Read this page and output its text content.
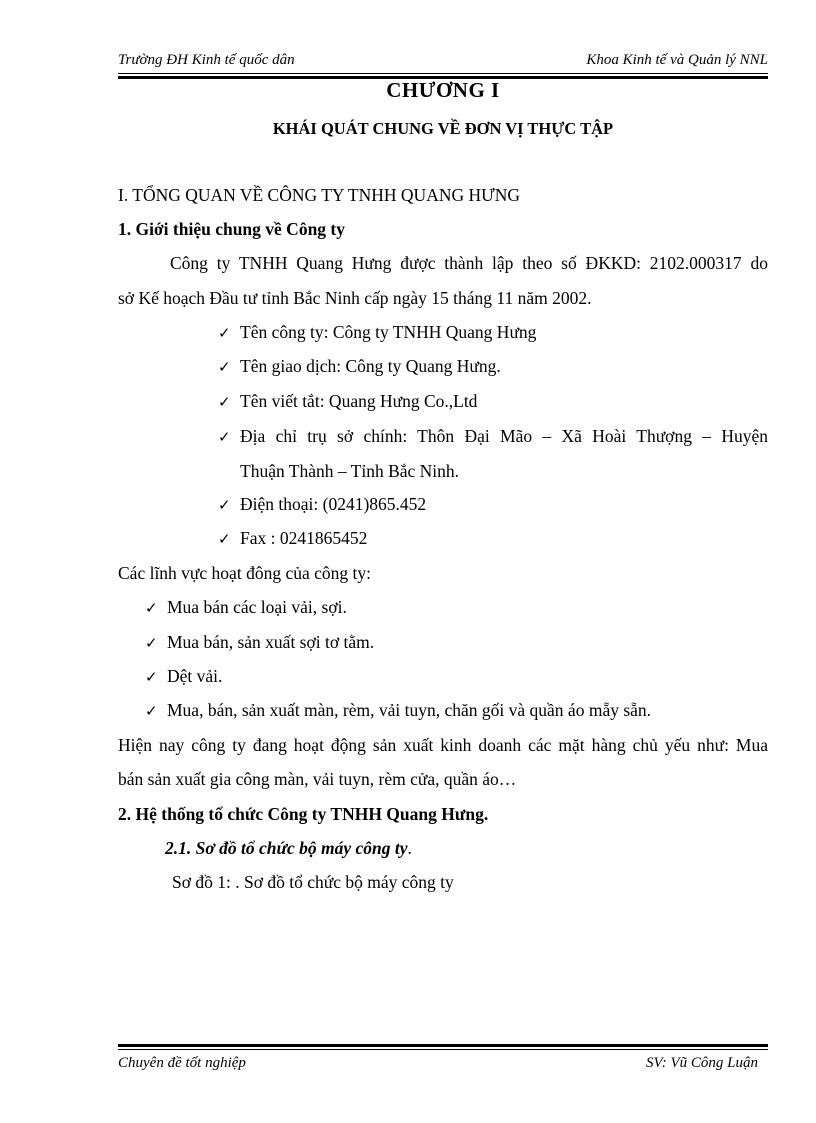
Trường ĐH Kinh tế quốc dân	Khoa Kinh tế và Quản lý NNL
CHƯƠNG I
KHÁI QUÁT CHUNG VỀ ĐƠN VỊ THỰC TẬP
I. TỔNG QUAN VỀ CÔNG TY TNHH QUANG HƯNG
1. Giới thiệu chung về Công ty
Công ty TNHH Quang Hưng được thành lập theo số ĐKKD: 2102.000317 do
sở Kế hoạch Đầu tư tỉnh Bắc Ninh cấp ngày 15 tháng 11 năm 2002.
✓ Tên công ty: Công ty TNHH Quang Hưng
✓ Tên giao dịch: Công ty Quang Hưng.
✓ Tên viết tắt: Quang Hưng Co.,Ltd
✓ Địa chỉ trụ sở chính: Thôn Đại Mão – Xã Hoài Thượng – Huyện
Thuận Thành – Tỉnh Bắc Ninh.
✓ Điện thoại: (0241)865.452
✓ Fax : 0241865452
Các lĩnh vực hoạt đông của công ty:
✓ Mua bán các loại vải, sợi.
✓ Mua bán, sản xuất sợi tơ tằm.
✓ Dệt vải.
✓ Mua, bán, sản xuất màn, rèm, vải tuyn, chăn gối và quần áo mẵy sẵn.
Hiện nay công ty đang hoạt động sản xuất kinh doanh các mặt hàng chủ yếu như: Mua
bán sản xuất gia công màn, vải tuyn, rèm cửa, quần áo…
2. Hệ thống tổ chức Công ty TNHH Quang Hưng.
2.1. Sơ đồ tổ chức bộ máy công ty.
Sơ đồ 1: . Sơ đồ tổ chức bộ máy công ty
Chuyên đề tốt nghiệp	SV: Vũ Công Luận
